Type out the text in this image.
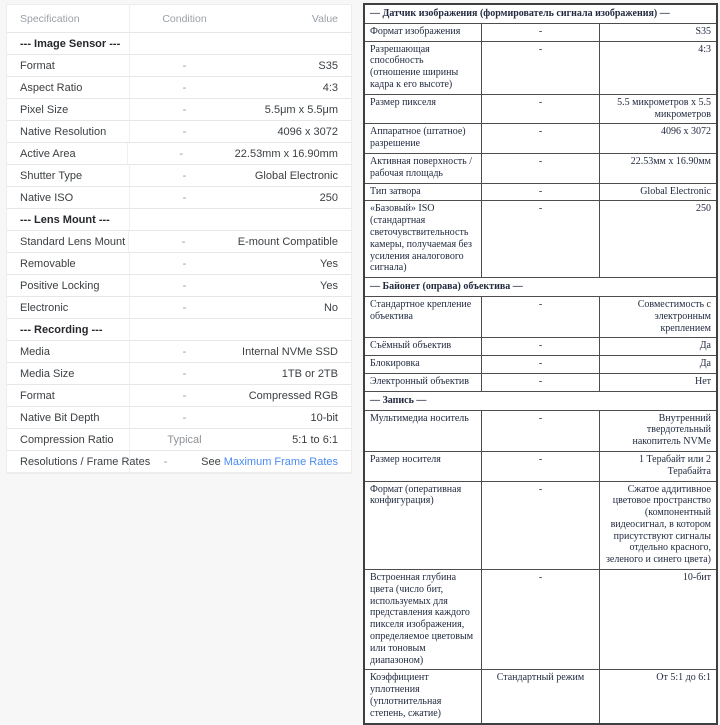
Specification	Condition	Value
--- Image Sensor ---
Format	-	S35
Aspect Ratio	-	4:3
Pixel Size	-	5.5μm x 5.5μm
Native Resolution	-	4096 x 3072
Active Area	-	22.53mm x 16.90mm
Shutter Type	-	Global Electronic
Native ISO	-	250
--- Lens Mount ---
Standard Lens Mount	-	E-mount Compatible
Removable	-	Yes
Positive Locking	-	Yes
Electronic	-	No
--- Recording ---
Media	-	Internal NVMe SSD
Media Size	-	1TB or 2TB
Format	-	Compressed RGB
Native Bit Depth	-	10-bit
Compression Ratio	Typical	5:1 to 6:1
Resolutions / Frame Rates	-	See Maximum Frame Rates
— Датчик изображения (формирователь сигнала изображения) —		
Формат изображения	-	S35
Разрешающая способность (отношение ширины кадра к его высоте)	-	4:3
Размер пикселя	-	5.5 микрометров x 5.5 микрометров
Аппаратное (штатное) разрешение	-	4096 x 3072
Активная поверхность / рабочая площадь	-	22.53мм x 16.90мм
Тип затвора	-	Global Electronic
«Базовый» ISO (стандартная светочувствительность камеры, получаемая без усиления аналогового сигнала)	-	250
— Байонет (оправа) объектива —		
Стандартное крепление объектива	-	Совместимость с электронным креплением
Съёмный объектив	-	Да
Блокировка	-	Да
Электронный объектив	-	Нет
— Запись —		
Мультимедиа носитель	-	Внутренний твердотельный накопитель NVMe
Размер носителя	-	1 Терабайт или 2 Терабайта
Формат (оперативная конфигурация)	-	Сжатое аддитивное цветовое пространство (компонентный видеосигнал, в котором присутствуют сигналы отдельно красного, зеленого и синего цвета)
Встроенная глубина цвета (число бит, используемых для представления каждого пикселя изображения, определяемое цветовым или тоновым диапазоном)	-	10-бит
Коэффициент уплотнения (уплотнительная степень, сжатие)	Стандартный режим	От 5:1 до 6:1
